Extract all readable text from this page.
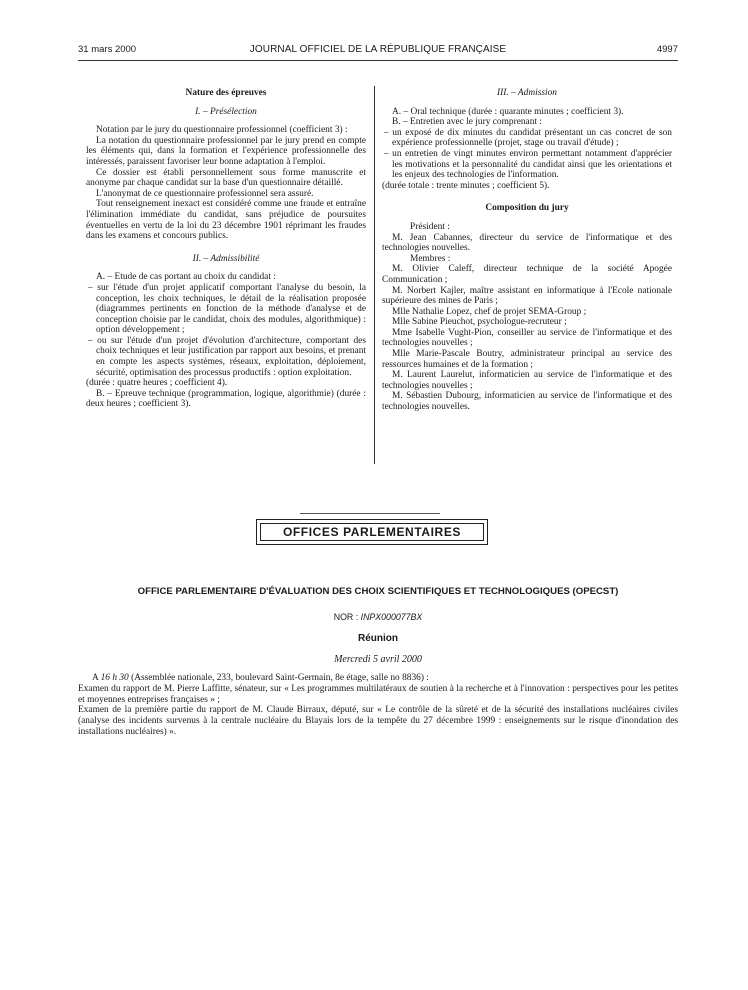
31 mars 2000	JOURNAL OFFICIEL DE LA RÉPUBLIQUE FRANÇAISE	4997

Nature des épreuves

I. – Présélection

Notation par le jury du questionnaire professionnel (coefficient 3) :

La notation du questionnaire professionnel par le jury prend en compte les éléments qui, dans la formation et l'expérience professionnelle des intéressés, paraissent favoriser leur bonne adaptation à l'emploi.

Ce dossier est établi personnellement sous forme manuscrite et anonyme par chaque candidat sur la base d'un questionnaire détaillé.

L'anonymat de ce questionnaire professionnel sera assuré.

Tout renseignement inexact est considéré comme une fraude et entraîne l'élimination immédiate du candidat, sans préjudice de poursuites éventuelles en vertu de la loi du 23 décembre 1901 réprimant les fraudes dans les examens et concours publics.

II. – Admissibilité

A. – Etude de cas portant au choix du candidat :

– sur l'étude d'un projet applicatif comportant l'analyse du besoin, la conception, les choix techniques, le détail de la réalisation proposée (diagrammes pertinents en fonction de la méthode d'analyse et de conception choisie par le candidat, choix des modules, algorithmique) : option développement ;

– ou sur l'étude d'un projet d'évolution d'architecture, comportant des choix techniques et leur justification par rapport aux besoins, et prenant en compte les aspects systèmes, réseaux, exploitation, déploiement, sécurité, optimisation des processus productifs : option exploitation.

(durée : quatre heures ; coefficient 4).

B. – Epreuve technique (programmation, logique, algorithmie) (durée : deux heures ; coefficient 3).

III. – Admission

A. – Oral technique (durée : quarante minutes ; coefficient 3).

B. – Entretien avec le jury comprenant :

– un exposé de dix minutes du candidat présentant un cas concret de son expérience professionnelle (projet, stage ou travail d'étude) ;

– un entretien de vingt minutes environ permettant notamment d'apprécier les motivations et la personnalité du candidat ainsi que les orientations et les enjeux des technologies de l'information.

(durée totale : trente minutes ; coefficient 5).

Composition du jury

Président :

M. Jean Cabannes, directeur du service de l'informatique et des technologies nouvelles.

Membres :

M. Olivier Caleff, directeur technique de la société Apogée Communication ;

M. Norbert Kajler, maître assistant en informatique à l'Ecole nationale supérieure des mines de Paris ;

Mlle Nathalie Lopez, chef de projet SEMA-Group ;

Mlle Sabine Pieuchot, psychologue-recruteur ;

Mme Isabelle Vught-Pion, conseiller au service de l'informatique et des technologies nouvelles ;

Mlle Marie-Pascale Boutry, administrateur principal au service des ressources humaines et de la formation ;

M. Laurent Laurelut, informaticien au service de l'informatique et des technologies nouvelles ;

M. Sébastien Dubourg, informaticien au service de l'informatique et des technologies nouvelles.

OFFICES PARLEMENTAIRES
OFFICE PARLEMENTAIRE D'ÉVALUATION DES CHOIX SCIENTIFIQUES ET TECHNOLOGIQUES (OPECST)
NOR : INPX000077BX
Réunion
Mercredi 5 avril 2000

A 16 h 30 (Assemblée nationale, 233, boulevard Saint-Germain, 8e étage, salle no 8836) :

Examen du rapport de M. Pierre Laffitte, sénateur, sur « Les programmes multilatéraux de soutien à la recherche et à l'innovation : perspectives pour les petites et moyennes entreprises françaises » ;

Examen de la première partie du rapport de M. Claude Birraux, député, sur « Le contrôle de la sûreté et de la sécurité des installations nucléaires civiles (analyse des incidents survenus à la centrale nucléaire du Blayais lors de la tempête du 27 décembre 1999 : enseignements sur le risque d'inondation des installations nucléaires) ».
